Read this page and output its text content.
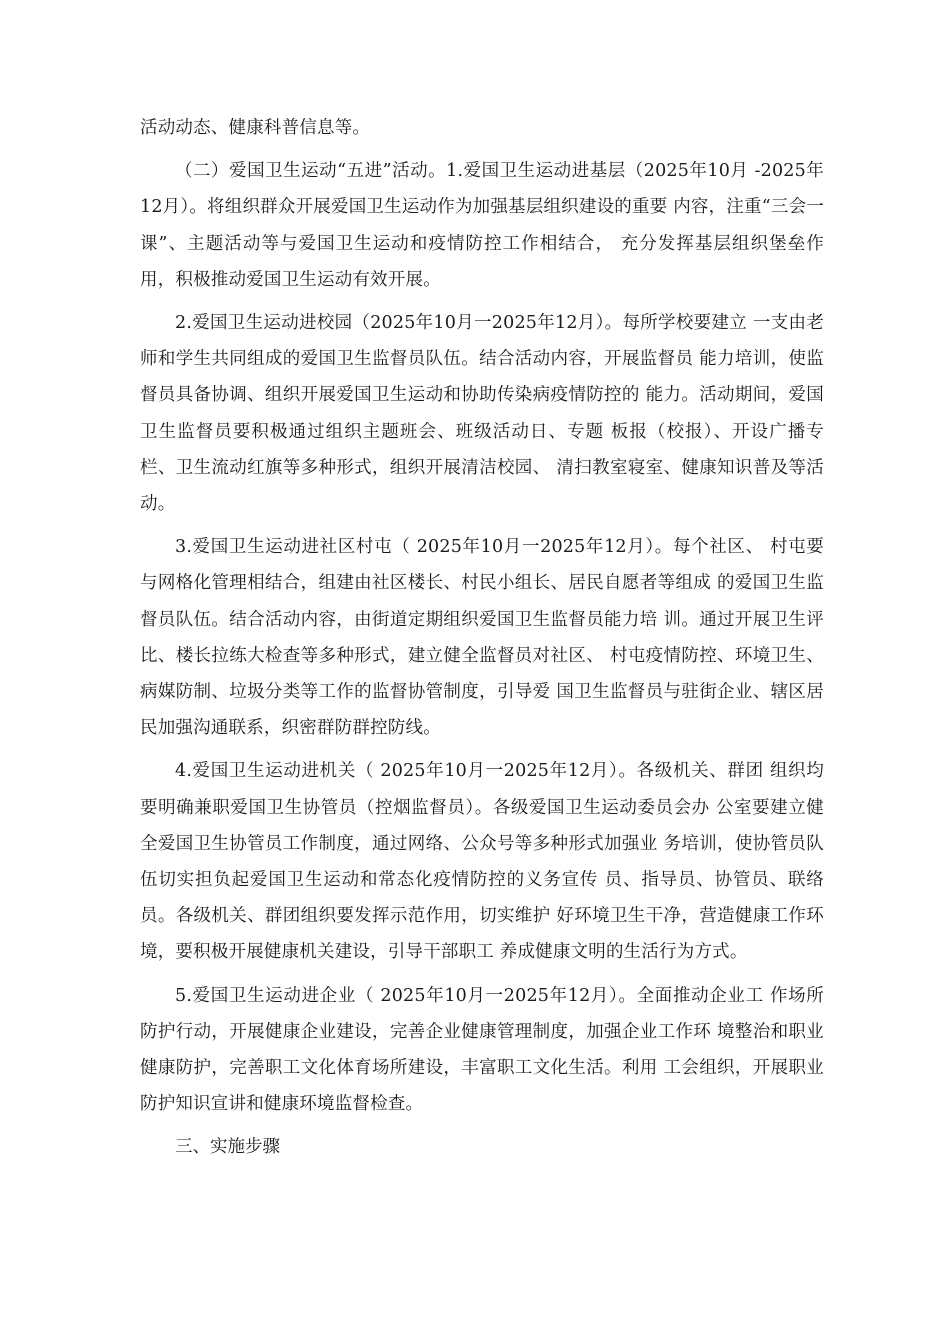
活动动态、健康科普信息等。

（二）爱国卫生运动“五进”活动。1.爱国卫生运动进基层（2025年10月 -2025年12月）。将组织群众开展爱国卫生运动作为加强基层组织建设的重要 内容，注重“三会一课”、主题活动等与爱国卫生运动和疫情防控工作相结合， 充分发挥基层组织堡垒作用，积极推动爱国卫生运动有效开展。

2.爱国卫生运动进校园（2025年10月一2025年12月）。每所学校要建立 一支由老师和学生共同组成的爱国卫生监督员队伍。结合活动内容，开展监督员 能力培训，使监督员具备协调、组织开展爱国卫生运动和协助传染病疫情防控的 能力。活动期间，爱国卫生监督员要积极通过组织主题班会、班级活动日、专题 板报（校报）、开设广播专栏、卫生流动红旗等多种形式，组织开展清洁校园、 清扫教室寝室、健康知识普及等活动。

3.爱国卫生运动进社区村屯（ 2025年10月一2025年12月）。每个社区、 村屯要与网格化管理相结合，组建由社区楼长、村民小组长、居民自愿者等组成 的爱国卫生监督员队伍。结合活动内容，由街道定期组织爱国卫生监督员能力培 训。通过开展卫生评比、楼长拉练大检查等多种形式，建立健全监督员对社区、 村屯疫情防控、环境卫生、病媒防制、垃圾分类等工作的监督协管制度，引导爱 国卫生监督员与驻街企业、辖区居民加强沟通联系，织密群防群控防线。

4.爱国卫生运动进机关（ 2025年10月一2025年12月）。各级机关、群团 组织均要明确兼职爱国卫生协管员（控烟监督员）。各级爱国卫生运动委员会办 公室要建立健全爱国卫生协管员工作制度，通过网络、公众号等多种形式加强业 务培训，使协管员队伍切实担负起爱国卫生运动和常态化疫情防控的义务宣传 员、指导员、协管员、联络员。各级机关、群团组织要发挥示范作用，切实维护 好环境卫生干净，营造健康工作环境，要积极开展健康机关建设，引导干部职工 养成健康文明的生活行为方式。

5.爱国卫生运动进企业（ 2025年10月一2025年12月）。全面推动企业工 作场所防护行动，开展健康企业建设，完善企业健康管理制度，加强企业工作环 境整治和职业健康防护，完善职工文化体育场所建设，丰富职工文化生活。利用 工会组织，开展职业防护知识宣讲和健康环境监督检查。

三、实施步骤
